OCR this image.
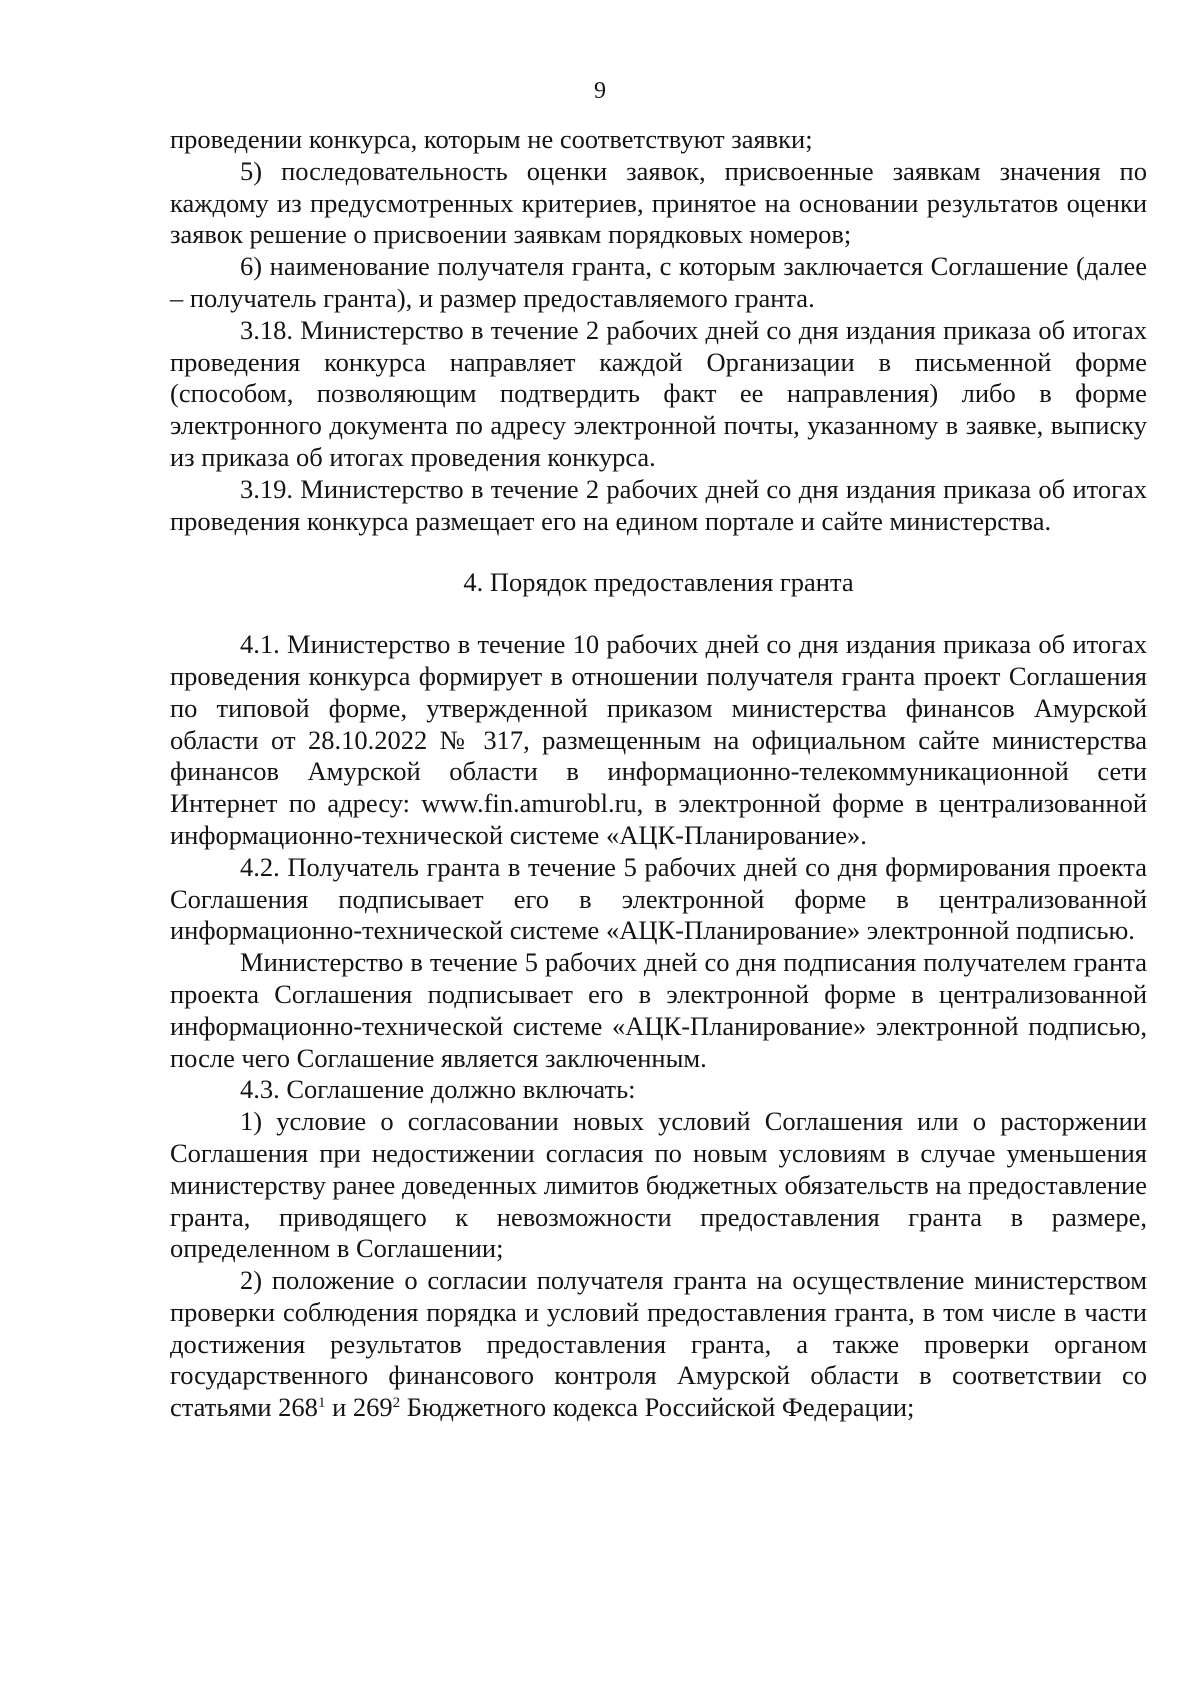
9

проведении конкурса, которым не соответствуют заявки;

5) последовательность оценки заявок, присвоенные заявкам значения по каждому из предусмотренных критериев, принятое на основании результатов оценки заявок решение о присвоении заявкам порядковых номеров;

6) наименование получателя гранта, с которым заключается Соглашение (далее – получатель гранта), и размер предоставляемого гранта.

3.18. Министерство в течение 2 рабочих дней со дня издания приказа об итогах проведения конкурса направляет каждой Организации в письменной форме (способом, позволяющим подтвердить факт ее направления) либо в форме электронного документа по адресу электронной почты, указанному в заявке, выписку из приказа об итогах проведения конкурса.

3.19. Министерство в течение 2 рабочих дней со дня издания приказа об итогах проведения конкурса размещает его на едином портале и сайте министерства.

4. Порядок предоставления гранта

4.1. Министерство в течение 10 рабочих дней со дня издания приказа об итогах проведения конкурса формирует в отношении получателя гранта проект Соглашения по типовой форме, утвержденной приказом министерства финансов Амурской области от 28.10.2022 № 317, размещенным на официальном сайте министерства финансов Амурской области в информационно-телекоммуникационной сети Интернет по адресу: www.fin.amurobl.ru, в электронной форме в централизованной информационно-технической системе «АЦК-Планирование».

4.2. Получатель гранта в течение 5 рабочих дней со дня формирования проекта Соглашения подписывает его в электронной форме в централизованной информационно-технической системе «АЦК-Планирование» электронной подписью.

Министерство в течение 5 рабочих дней со дня подписания получателем гранта проекта Соглашения подписывает его в электронной форме в централизованной информационно-технической системе «АЦК-Планирование» электронной подписью, после чего Соглашение является заключенным.

4.3. Соглашение должно включать:

1) условие о согласовании новых условий Соглашения или о расторжении Соглашения при недостижении согласия по новым условиям в случае уменьшения министерству ранее доведенных лимитов бюджетных обязательств на предоставление гранта, приводящего к невозможности предоставления гранта в размере, определенном в Соглашении;

2) положение о согласии получателя гранта на осуществление министерством проверки соблюдения порядка и условий предоставления гранта, в том числе в части достижения результатов предоставления гранта, а также проверки органом государственного финансового контроля Амурской области в соответствии со статьями $268^1$ и $269^2$ Бюджетного кодекса Российской Федерации;
